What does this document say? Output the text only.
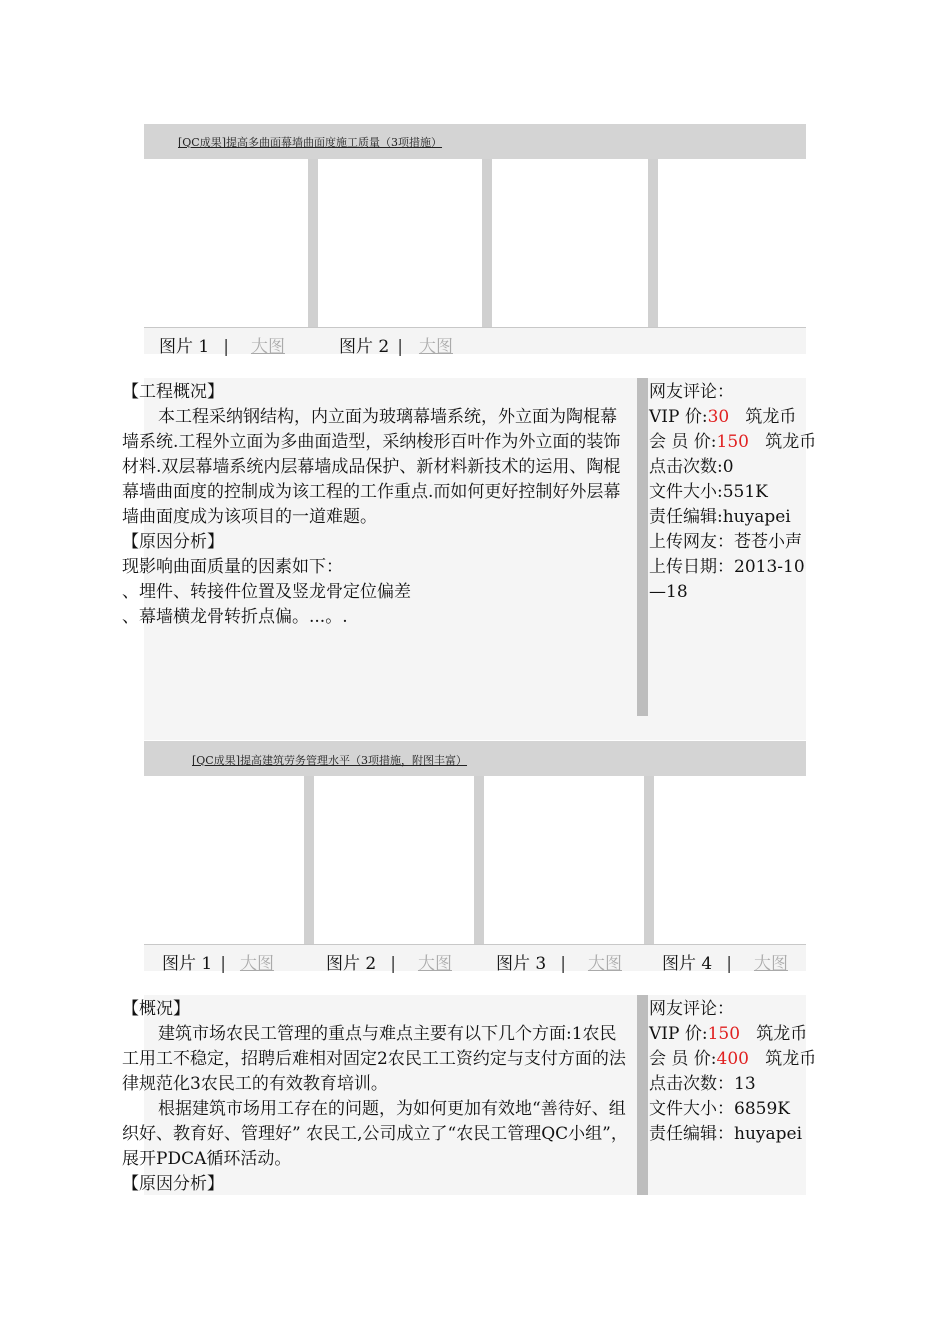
[QC成果]提高多曲面幕墙曲面度施工质量（3项措施）
图片 1 | 大图	图片 2 | 大图

【工程概况】

本工程采纳钢结构，内立面为玻璃幕墙系统，外立面为陶棍幕墙系统.工程外立面为多曲面造型，采纳梭形百叶作为外立面的装饰材料.双层幕墙系统内层幕墙成品保护、新材料新技术的运用、陶棍幕墙曲面度的控制成为该工程的工作重点.而如何更好控制好外层幕墙曲面度成为该项目的一道难题。

【原因分析】

现影响曲面质量的因素如下：

、埋件、转接件位置及竖龙骨定位偏差

、幕墙横龙骨转折点偏。...。.

网友评论：
VIP 价:30 筑龙币
会 员 价:150 筑龙币
点击次数:0
文件大小:551K
责任编辑:huyapei
上传网友：苍苍小声
上传日期：2013-10—18
[QC成果]提高建筑劳务管理水平（3项措施，附图丰富）
图片 1 | 大图	图片 2 | 大图	图片 3 | 大图 图片 4 | 大图

【概况】

建筑市场农民工管理的重点与难点主要有以下几个方面:1农民工用工不稳定，招聘后难相对固定2农民工工资约定与支付方面的法律规范化3农民工的有效教育培训。

根据建筑市场用工存在的问题，为如何更加有效地“善待好、组织好、教育好、管理好” 农民工,公司成立了“农民工管理QC小组”，展开PDCA循环活动。

【原因分析】

网友评论：
VIP 价:150 筑龙币
会 员 价:400 筑龙币
点击次数：13
文件大小：6859K
责任编辑：huyapei
